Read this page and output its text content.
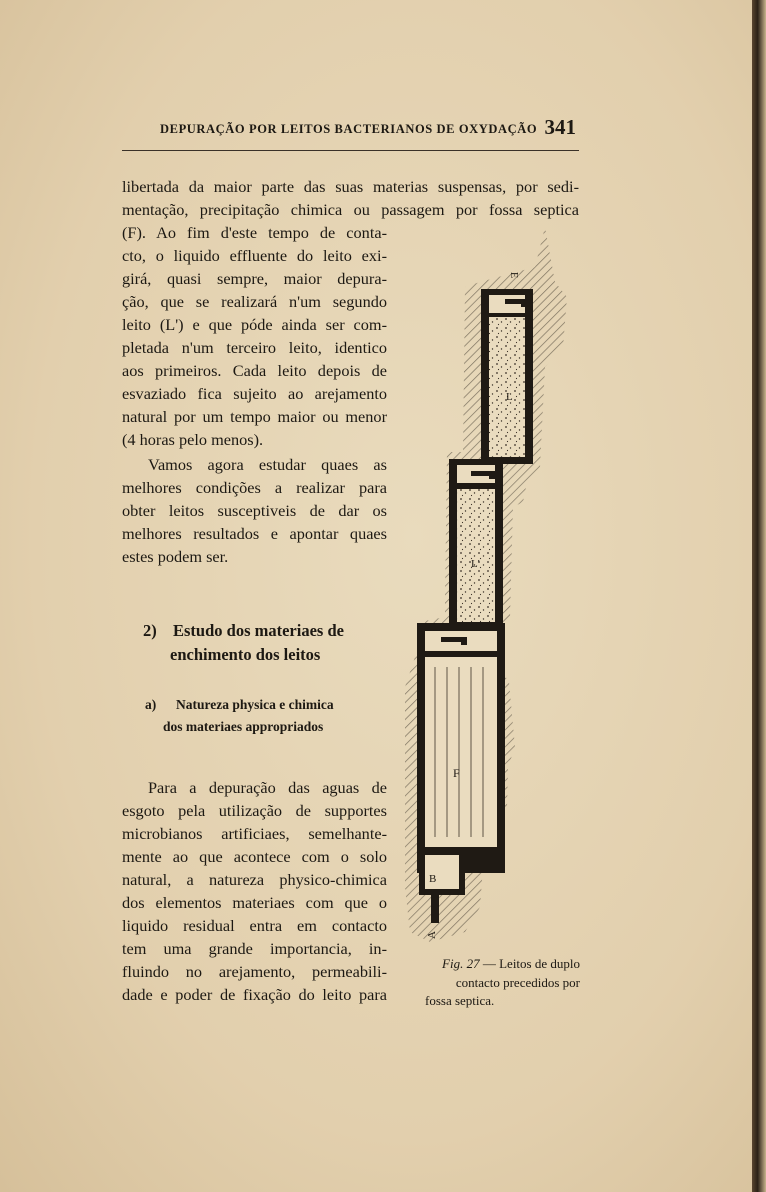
DEPURAÇÃO POR LEITOS BACTERIANOS DE OXYDAÇÃO 341

libertada da maior parte das suas materias suspensas, por sedi-

mentação, precipitação chimica ou passagem por fossa septica

(F). Ao fim d'este tempo de conta-

cto, o liquido effluente do leito exi-

girá, quasi sempre, maior depura-

ção, que se realizará n'um segundo

leito (L') e que póde ainda ser com-

pletada n'um terceiro leito, identico

aos primeiros. Cada leito depois de

esvaziado fica sujeito ao arejamento

natural por um tempo maior ou menor

(4 horas pelo menos).

Vamos agora estudar quaes as

melhores condições a realizar para

obter leitos susceptiveis de dar os

melhores resultados e apontar quaes

estes podem ser.

2) Estudo dos materiaes de
enchimento dos leitos
a) Natureza physica e chimica
dos materiaes appropriados

Para a depuração das aguas de

esgoto pela utilização de supportes

microbianos artificiaes, semelhante-

mente ao que acontece com o solo

natural, a natureza physico-chimica

dos elementos materiaes com que o

liquido residual entra em contacto

tem uma grande importancia, in-

fluindo no arejamento, permeabili-

dade e poder de fixação do leito para

L
E
L'
F
B
A
Fig. 27 — Leitos de duplo
contacto precedidos por
fossa septica.
